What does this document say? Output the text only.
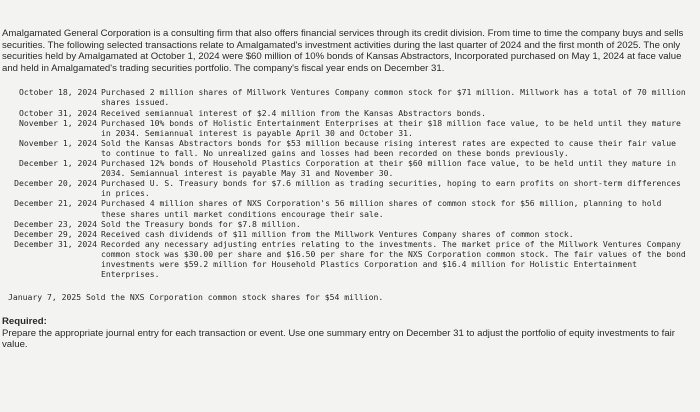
Amalgamated General Corporation is a consulting firm that also offers financial services through its credit division. From time to time the company buys and sells securities. The following selected transactions relate to Amalgamated's investment activities during the last quarter of 2024 and the first month of 2025. The only securities held by Amalgamated at October 1, 2024 were $60 million of 10% bonds of Kansas Abstractors, Incorporated purchased on May 1, 2024 at face value and held in Amalgamated's trading securities portfolio. The company's fiscal year ends on December 31.

October 18, 2024 Purchased 2 million shares of Millwork Ventures Company common stock for $71 million. Millwork has a total of 70 million shares issued.
October 31, 2024 Received semiannual interest of $2.4 million from the Kansas Abstractors bonds.
November 1, 2024 Purchased 10% bonds of Holistic Entertainment Enterprises at their $18 million face value, to be held until they mature in 2034. Semiannual interest is payable April 30 and October 31.
November 1, 2024 Sold the Kansas Abstractors bonds for $53 million because rising interest rates are expected to cause their fair value to continue to fall. No unrealized gains and losses had been recorded on these bonds previously.
December 1, 2024 Purchased 12% bonds of Household Plastics Corporation at their $60 million face value, to be held until they mature in 2034. Semiannual interest is payable May 31 and November 30.
December 20, 2024 Purchased U. S. Treasury bonds for $7.6 million as trading securities, hoping to earn profits on short-term differences in prices.
December 21, 2024 Purchased 4 million shares of NXS Corporation's 56 million shares of common stock for $56 million, planning to hold these shares until market conditions encourage their sale.
December 23, 2024 Sold the Treasury bonds for $7.8 million.
December 29, 2024 Received cash dividends of $11 million from the Millwork Ventures Company shares of common stock.
December 31, 2024 Recorded any necessary adjusting entries relating to the investments. The market price of the Millwork Ventures Company common stock was $30.00 per share and $16.50 per share for the NXS Corporation common stock. The fair values of the bond investments were $59.2 million for Household Plastics Corporation and $16.4 million for Holistic Entertainment Enterprises.
January 7, 2025 Sold the NXS Corporation common stock shares for $54 million.
Required:
Prepare the appropriate journal entry for each transaction or event. Use one summary entry on December 31 to adjust the portfolio of equity investments to fair value.
